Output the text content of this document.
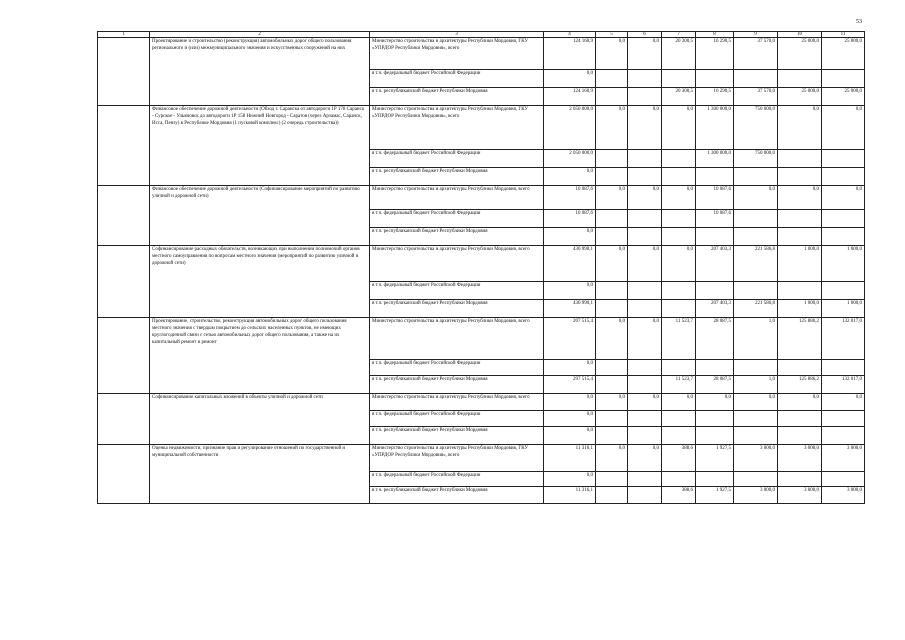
53
1	2	3	4	5	6	7	8	9	10	11
	Проектирование и строительство (реконструкция) автомобильных дорог общего пользования регионального и (или) межмуниципального значения и искусственных сооружений на них	Министерство строительства и архитектуры Республики Мордовия, ГКУ «УПРДОР Республики Мордовия», всего	124 160,9	0,0	0,0	20 300,5	16 290,5	37 570,0	25 000,0	25 000,0
		в т.ч. федеральный бюджет Российской Федерации	0,0							
		в т.ч. республиканский бюджет Республики Мордовия	124 160,9			20 300,5	16 290,5	37 570,0	25 000,0	25 000,0
	Финансовое обеспечение дорожной деятельности (Обход г. Саранска от автодороги 1Р 178 Саранск - Сурское - Ульяновск до автодороги 1Р 158 Нижний Новгород - Саратов (через Арзамас, Саранск, Исса, Пензу) в Республике Мордовия (1 пусковой комплекс) (2 очередь строительства))	Министерство строительства и архитектуры Республики Мордовия, ГКУ «УПРДОР Республики Мордовия», всего	2 050 000,0	0,0	0,0	0,0	1 300 000,0	750 000,0	0,0	0,0
		в т.ч. федеральный бюджет Российской Федерации	2 050 000,0				1 300 000,0	750 000,0		
		в т.ч. республиканский бюджет Республики Мордовия	0,0							
	Финансовое обеспечение дорожной деятельности (Софинансирование мероприятий по развитию уличной и дорожной сети)	Министерство строительства и архитектуры Республики Мордовия, всего	10 087,6	0,0	0,0	0,0	10 087,6	0,0	0,0	0,0
		в т.ч. федеральный бюджет Российской Федерации	10 087,6				10 087,6			
		в т.ч. республиканский бюджет Республики Мордовия	0,0							
	Софинансирование расходных обязательств, возникающих при выполнении полномочий органов местного самоуправления по вопросам местного значения (мероприятий по развитию уличной и дорожной сети)	Министерство строительства и архитектуры Республики Мордовия, всего	430 990,1	0,0	0,0	0,0	207 403,3	221 586,8	1 000,0	1 000,0
		в т.ч. федеральный бюджет Российской Федерации	0,0							
		в т.ч. республиканский бюджет Республики Мордовия	430 990,1				207 403,3	221 586,8	1 000,0	1 000,0
	Проектирование, строительство, реконструкция автомобильных дорог общего пользования местного значения с твердым покрытием до сельских населенных пунктов, не имеющих круглогодичной связи с сетью автомобильных дорог общего пользования, а также на их капитальный ремонт и ремонт	Министерство строительства и архитектуры Республики Мордовия, всего	207 515,4	0,0	0,0	11 523,7	28 087,5	1,0	125 886,2	132 017,0
		в т.ч. федеральный бюджет Российской Федерации	0,0							
		в т.ч. республиканский бюджет Республики Мордовия	297 515,4			11 523,7	28 087,5	1,0	125 886,2	132 017,0
	Софинансирование капитальных вложений в объекты уличной и дорожной сети	Министерство строительства и архитектуры Республики Мордовия, всего	0,0	0,0	0,0	0,0	0,0	0,0	0,0	0,0
		в т.ч. федеральный бюджет Российской Федерации	0,0							
		в т.ч. республиканский бюджет Республики Мордовия	0,0							
	Оценка недвижимости, признание прав и регулирование отношений по государственной и муниципальной собственности	Министерство строительства и архитектуры Республики Мордовия, ГКУ «УПРДОР Республики Мордовия», всего	11 316,1	0,0	0,0	388,6	1 927,5	3 000,0	3 000,0	3 000,0
		в т.ч. федеральный бюджет Российской Федерации	0,0							
		в т.ч. республиканский бюджет Республики Мордовия	11 316,1			388,6	1 927,5	3 000,0	3 000,0	3 000,0
